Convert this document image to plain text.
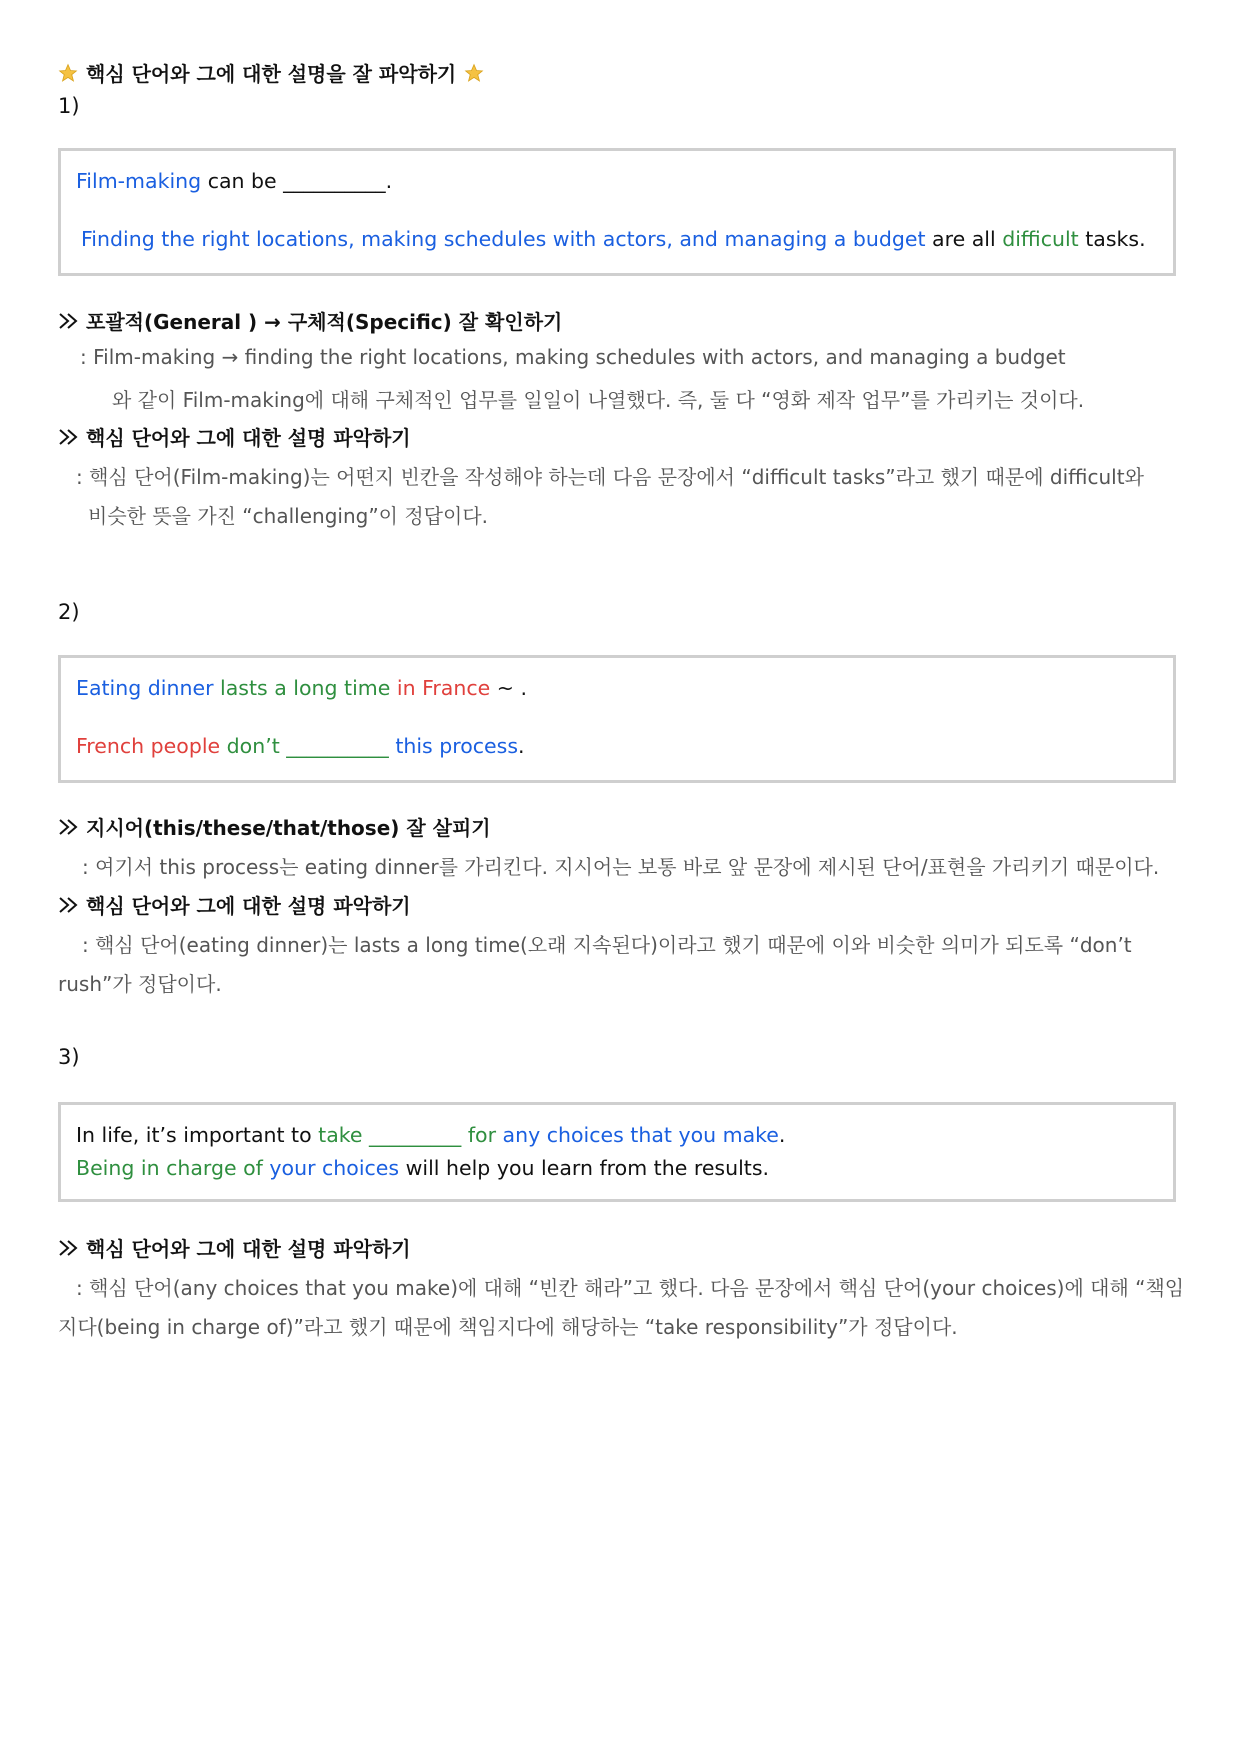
핵심 단어와 그에 대한 설명을 잘 파악하기
1)
Film-making can be __________.
Finding the right locations, making schedules with actors, and managing a budget are all difficult tasks.
포괄적(General ) → 구체적(Specific) 잘 확인하기
: Film-making → finding the right locations, making schedules with actors, and managing a budget
와 같이 Film-making에 대해 구체적인 업무를 일일이 나열했다. 즉, 둘 다 “영화 제작 업무”를 가리키는 것이다.
핵심 단어와 그에 대한 설명 파악하기
: 핵심 단어(Film-making)는 어떤지 빈칸을 작성해야 하는데 다음 문장에서 “difficult tasks”라고 했기 때문에 difficult와
비슷한 뜻을 가진 “challenging”이 정답이다.
2)
Eating dinner lasts a long time in France ~ .
French people don’t __________ this process.
지시어(this/these/that/those) 잘 살피기
: 여기서 this process는 eating dinner를 가리킨다. 지시어는 보통 바로 앞 문장에 제시된 단어/표현을 가리키기 때문이다.
핵심 단어와 그에 대한 설명 파악하기
: 핵심 단어(eating dinner)는 lasts a long time(오래 지속된다)이라고 했기 때문에 이와 비슷한 의미가 되도록 “don’t
rush”가 정답이다.
3)
In life, it’s important to take _________ for any choices that you make.
Being in charge of your choices will help you learn from the results.
핵심 단어와 그에 대한 설명 파악하기
: 핵심 단어(any choices that you make)에 대해 “빈칸 해라”고 했다. 다음 문장에서 핵심 단어(your choices)에 대해 “책임
지다(being in charge of)”라고 했기 때문에 책임지다에 해당하는 “take responsibility”가 정답이다.
